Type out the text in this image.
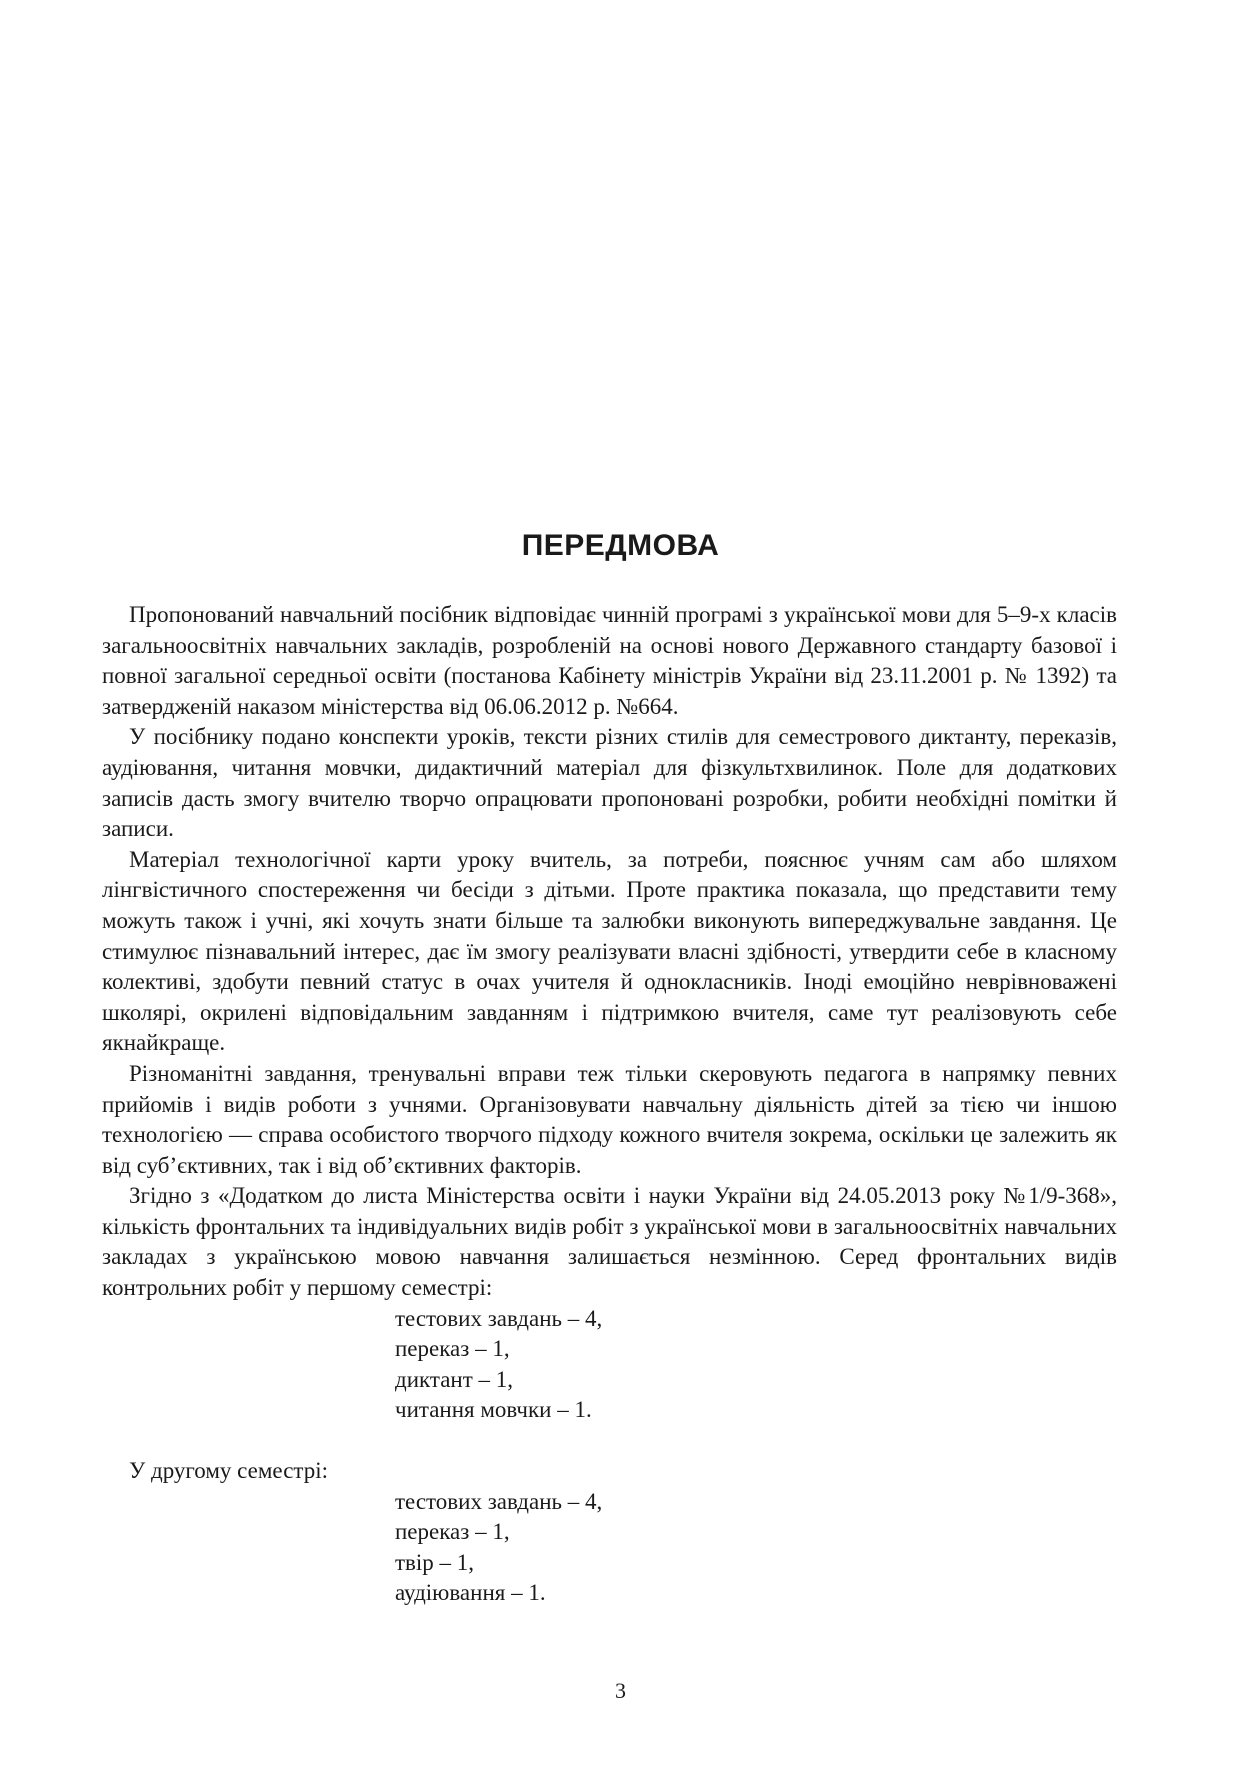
ПЕРЕДМОВА

Пропонований навчальний посібник відповідає чинній програмі з української мови для 5–9-х класів загальноосвітніх навчальних закладів, розробленій на основі нового Державного стандарту базової і повної загальної середньої освіти (постанова Кабінету міністрів України від 23.11.2001 р. № 1392) та затвердженій наказом міністерства від 06.06.2012 р. №664.

У посібнику подано конспекти уроків, тексти різних стилів для семестрового диктанту, переказів, аудіювання, читання мовчки, дидактичний матеріал для фізкультхвилинок. Поле для додаткових записів дасть змогу вчителю творчо опрацювати пропоновані розробки, робити необхідні помітки й записи.

Матеріал технологічної карти уроку вчитель, за потреби, пояснює учням сам або шляхом лінгвістичного спостереження чи бесіди з дітьми. Проте практика показала, що представити тему можуть також і учні, які хочуть знати більше та залюбки виконують випереджувальне завдання. Це стимулює пізнавальний інтерес, дає їм змогу реалізувати власні здібності, утвердити себе в класному колективі, здобути певний статус в очах учителя й однокласників. Іноді емоційно неврівноважені школярі, окрилені відповідальним завданням і підтримкою вчителя, саме тут реалізовують себе якнайкраще.

Різноманітні завдання, тренувальні вправи теж тільки скеровують педагога в напрямку певних прийомів і видів роботи з учнями. Організовувати навчальну діяльність дітей за тією чи іншою технологією — справа особистого творчого підходу кожного вчителя зокрема, оскільки це залежить як від суб’єктивних, так і від об’єктивних факторів.

Згідно з «Додатком до листа Міністерства освіти і науки України від 24.05.2013 року №1/9-368», кількість фронтальних та індивідуальних видів робіт з української мови в загальноосвітніх навчальних закладах з українською мовою навчання залишається незмінною. Серед фронтальних видів контрольних робіт у першому семестрі:

тестових завдань – 4,
переказ – 1,
диктант – 1,
читання мовчки – 1.

У другому семестрі:

тестових завдань – 4,
переказ – 1,
твір – 1,
аудіювання – 1.
3
